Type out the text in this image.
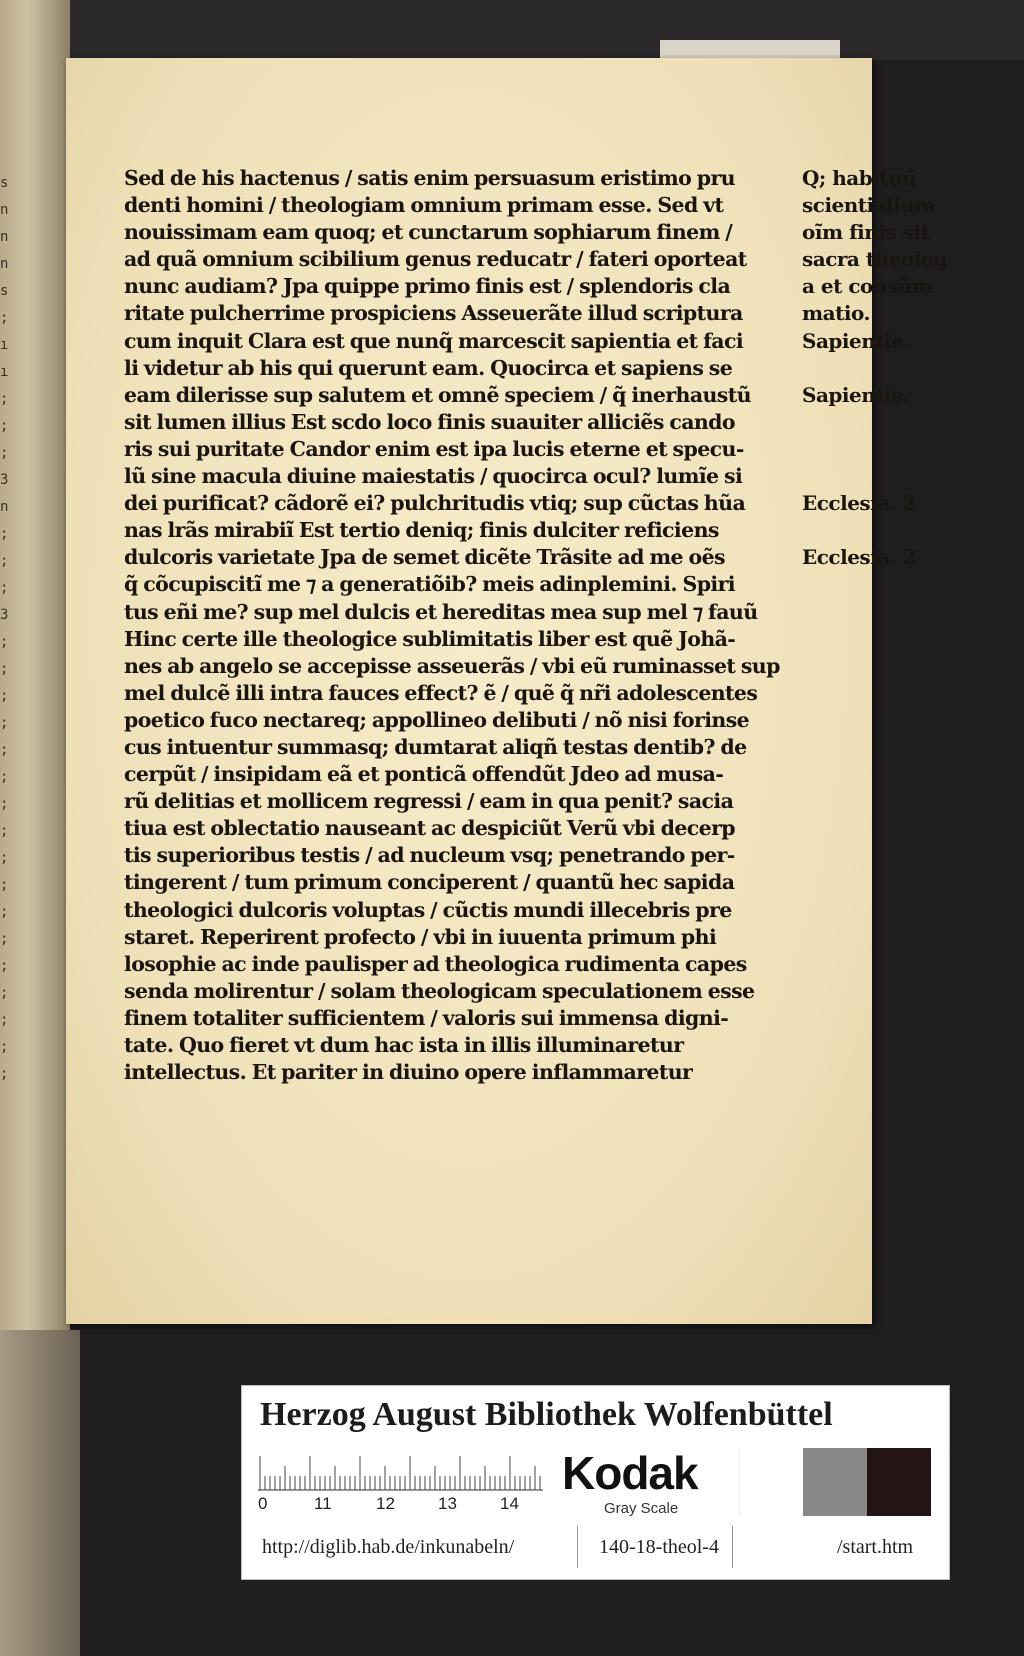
s
n
n
n
s
;
ı
ı
;
;
;
3
n
;
;
;
3
;
;
;
;
;
;
;
;
;
;
;
;
;
;
;
;
;
Sed de his hactenus / satis enim persuasum eristimo pru
denti homini / theologiam omnium primam esse. Sed vt
nouissimam eam quoq; et cunctarum sophiarum finem /
ad quã omnium scibilium genus reducatr / fateri oporteat
nunc audiam? Jpa quippe primo finis est / splendoris cla
ritate pulcherrime prospiciens Asseuerãte illud scriptura
cum inquit Clara est que nunq̃ marcescit sapientia et faci
li videtur ab his qui querunt eam. Quocirca et sapiens se
eam dilerisse sup salutem et omnẽ speciem / q̃ inerhaustũ
sit lumen illius Est scdo loco finis suauiter alliciẽs cando
ris sui puritate Candor enim est ipa lucis eterne et specu-
lũ sine macula diuine maiestatis / quocirca ocul? lumĩe si
dei purificat? cãdorẽ ei? pulchritudis vtiq; sup cũctas hũa
nas lrãs mirabiĩ Est tertio deniq; finis dulciter reficiens
dulcoris varietate Jpa de semet dicẽte Trãsite ad me oẽs
q̃ cõcupiscitĩ me ⁊ a generatiõib? meis adinplemini. Spiri
tus eñi me? sup mel dulcis et hereditas mea sup mel ⁊ fauũ
Hinc certe ille theologice sublimitatis liber est quẽ Johã-
nes ab angelo se accepisse asseuerãs / vbi eũ ruminasset sup
mel dulcẽ illi intra fauces effect? ẽ / quẽ q̃ nr̃i adolescentes
poetico fuco nectareq; appollineo delibuti / nõ nisi forinse
cus intuentur summasq; dumtarat aliqñ testas dentib? de
cerpũt / insipidam eã et ponticã offendũt Jdeo ad musa-
rũ delitias et mollicem regressi / eam in qua penit? sacia
tiua est oblectatio nauseant ac despiciũt Verũ vbi decerp
tis superioribus testis / ad nucleum vsq; penetrando per-
tingerent / tum primum conciperent / quantũ hec sapida
theologici dulcoris voluptas / cũctis mundi illecebris pre
staret. Reperirent profecto / vbi in iuuenta primum phi
losophie ac inde paulisper ad theologica rudimenta capes
senda molirentur / solam theologicam speculationem esse
finem totaliter sufficientem / valoris sui immensa digni-
tate. Quo fieret vt dum hac ista in illis illuminaretur
intellectus. Et pariter in diuino opere inflammaretur
Q; habituũ
scientialium
oĩm finis sit
sacra theolog
a et consũm
matio.
Sapientie.
Sapientie.
Ecclesia. 2
Ecclesia. 2
Herzog August Bibliothek Wolfenbüttel
0	11	12	13	14
Kodak
Gray Scale
http://diglib.hab.de/inkunabeln/	140-18-theol-4	/start.htm
